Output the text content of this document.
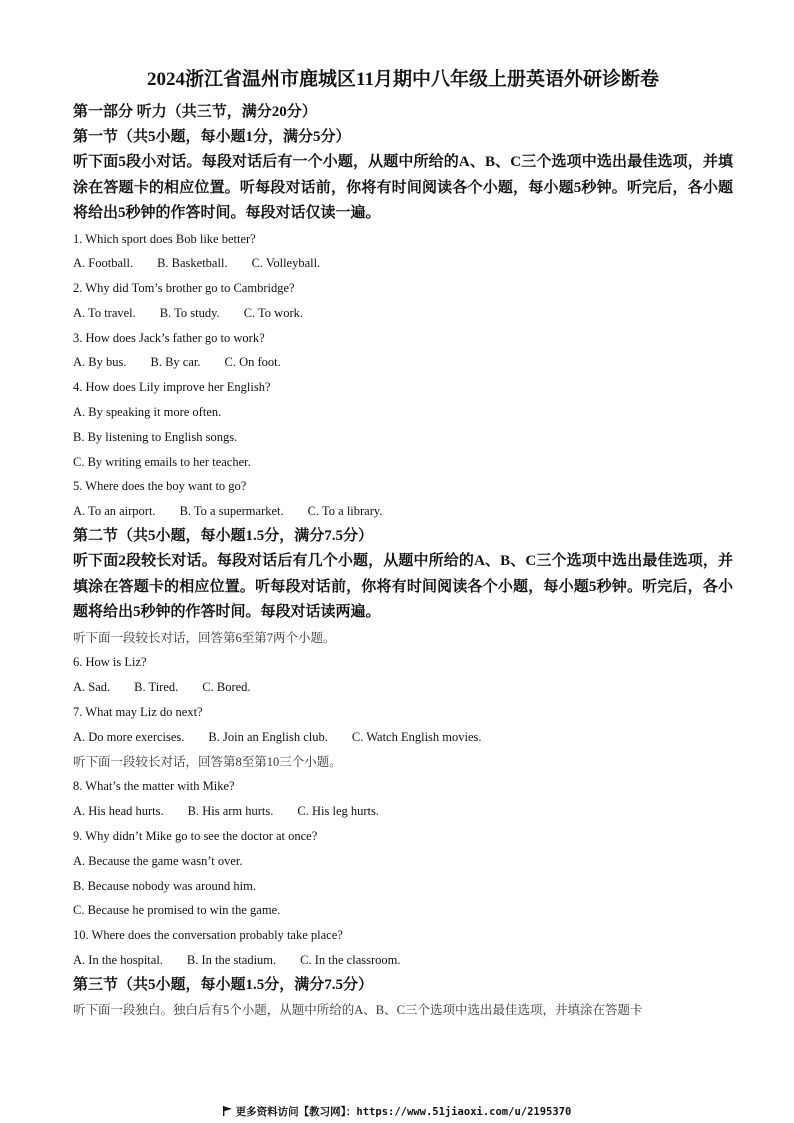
2024浙江省温州市鹿城区11月期中八年级上册英语外研诊断卷

第一部分 听力（共三节，满分20分）

第一节（共5小题，每小题1分，满分5分）

听下面5段小对话。每段对话后有一个小题，从题中所给的A、B、C三个选项中选出最佳选项，并填涂在答题卡的相应位置。听每段对话前，你将有时间阅读各个小题，每小题5秒钟。听完后，各小题将给出5秒钟的作答时间。每段对话仅读一遍。

1. Which sport does Bob like better?

A. Football. B. Basketball. C. Volleyball.

2. Why did Tom’s brother go to Cambridge?

A. To travel. B. To study. C. To work.

3. How does Jack’s father go to work?

A. By bus. B. By car. C. On foot.

4. How does Lily improve her English?

A. By speaking it more often.

B. By listening to English songs.

C. By writing emails to her teacher.

5. Where does the boy want to go?

A. To an airport. B. To a supermarket. C. To a library.

第二节（共5小题，每小题1.5分，满分7.5分）

听下面2段较长对话。每段对话后有几个小题，从题中所给的A、B、C三个选项中选出最佳选项，并填涂在答题卡的相应位置。听每段对话前，你将有时间阅读各个小题，每小题5秒钟。听完后，各小题将给出5秒钟的作答时间。每段对话读两遍。

听下面一段较长对话，回答第6至第7两个小题。

6. How is Liz?

A. Sad. B. Tired. C. Bored.

7. What may Liz do next?

A. Do more exercises. B. Join an English club. C. Watch English movies.

听下面一段较长对话，回答第8至第10三个小题。

8. What’s the matter with Mike?

A. His head hurts. B. His arm hurts. C. His leg hurts.

9. Why didn’t Mike go to see the doctor at once?

A. Because the game wasn’t over.

B. Because nobody was around him.

C. Because he promised to win the game.

10. Where does the conversation probably take place?

A. In the hospital. B. In the stadium. C. In the classroom.

第三节（共5小题，每小题1.5分，满分7.5分）

听下面一段独白。独白后有5个小题，从题中所给的A、B、C三个选项中选出最佳选项，并填涂在答题卡

更多资料访问【教习网】：https://www.51jiaoxi.com/u/2195370
